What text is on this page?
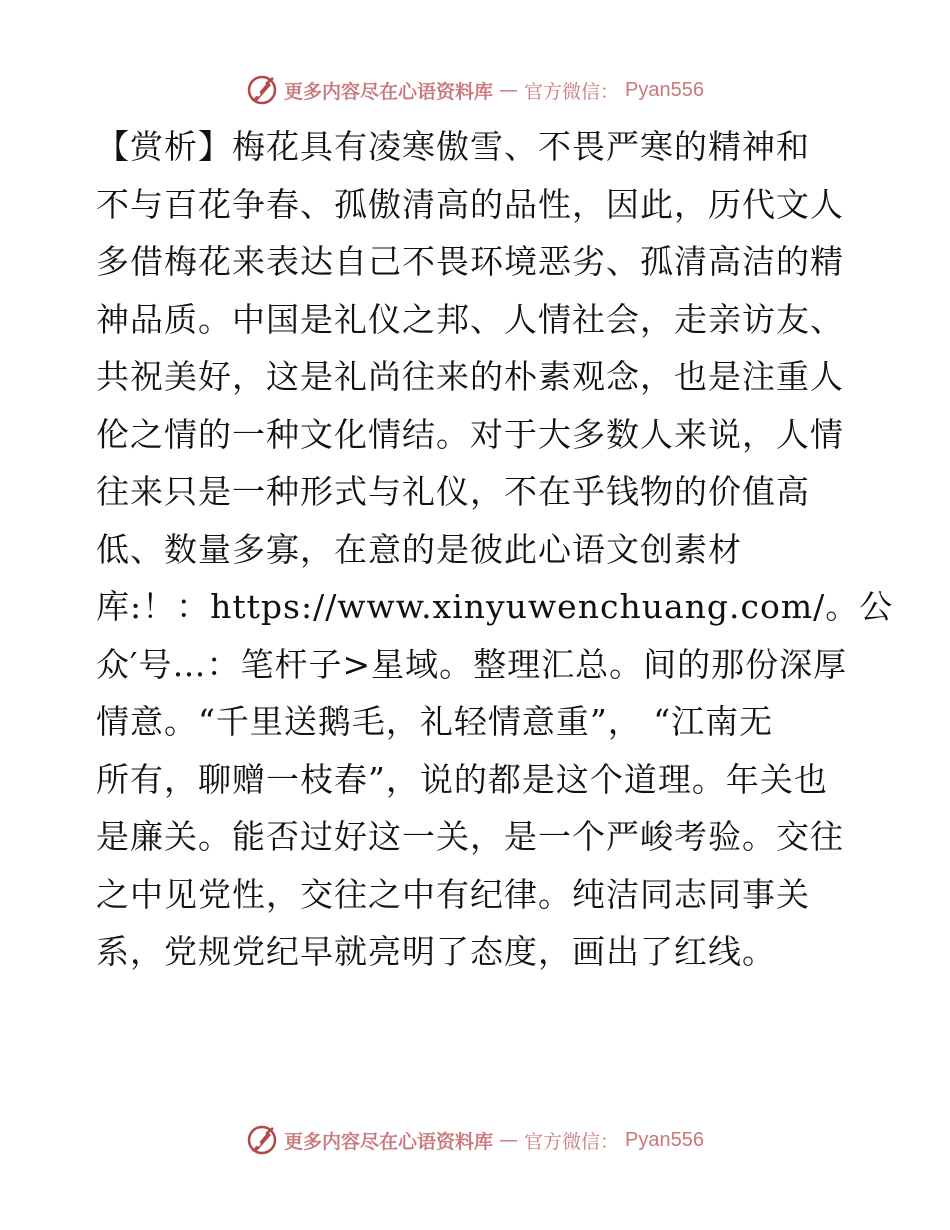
更多内容尽在心语资料库 — 官方微信： Pyan556
【赏析】梅花具有凌寒傲雪、不畏严寒的精神和
不与百花争春、孤傲清高的品性，因此，历代文人
多借梅花来表达自己不畏环境恶劣、孤清高洁的精
神品质。中国是礼仪之邦、人情社会，走亲访友、
共祝美好，这是礼尚往来的朴素观念，也是注重人
伦之情的一种文化情结。对于大多数人来说，人情
往来只是一种形式与礼仪，不在乎钱物的价值高
低、数量多寡，在意的是彼此心语文创素材
库:！：https://www.xinyuwenchuang.com/。公
众′号…：笔杆子>星域。整理汇总。间的那份深厚
情意。“千里送鹅毛，礼轻情意重”， “江南无
所有，聊赠一枝春”，说的都是这个道理。年关也
是廉关。能否过好这一关，是一个严峻考验。交往
之中见党性，交往之中有纪律。纯洁同志同事关
系，党规党纪早就亮明了态度，画出了红线。
更多内容尽在心语资料库 — 官方微信： Pyan556
